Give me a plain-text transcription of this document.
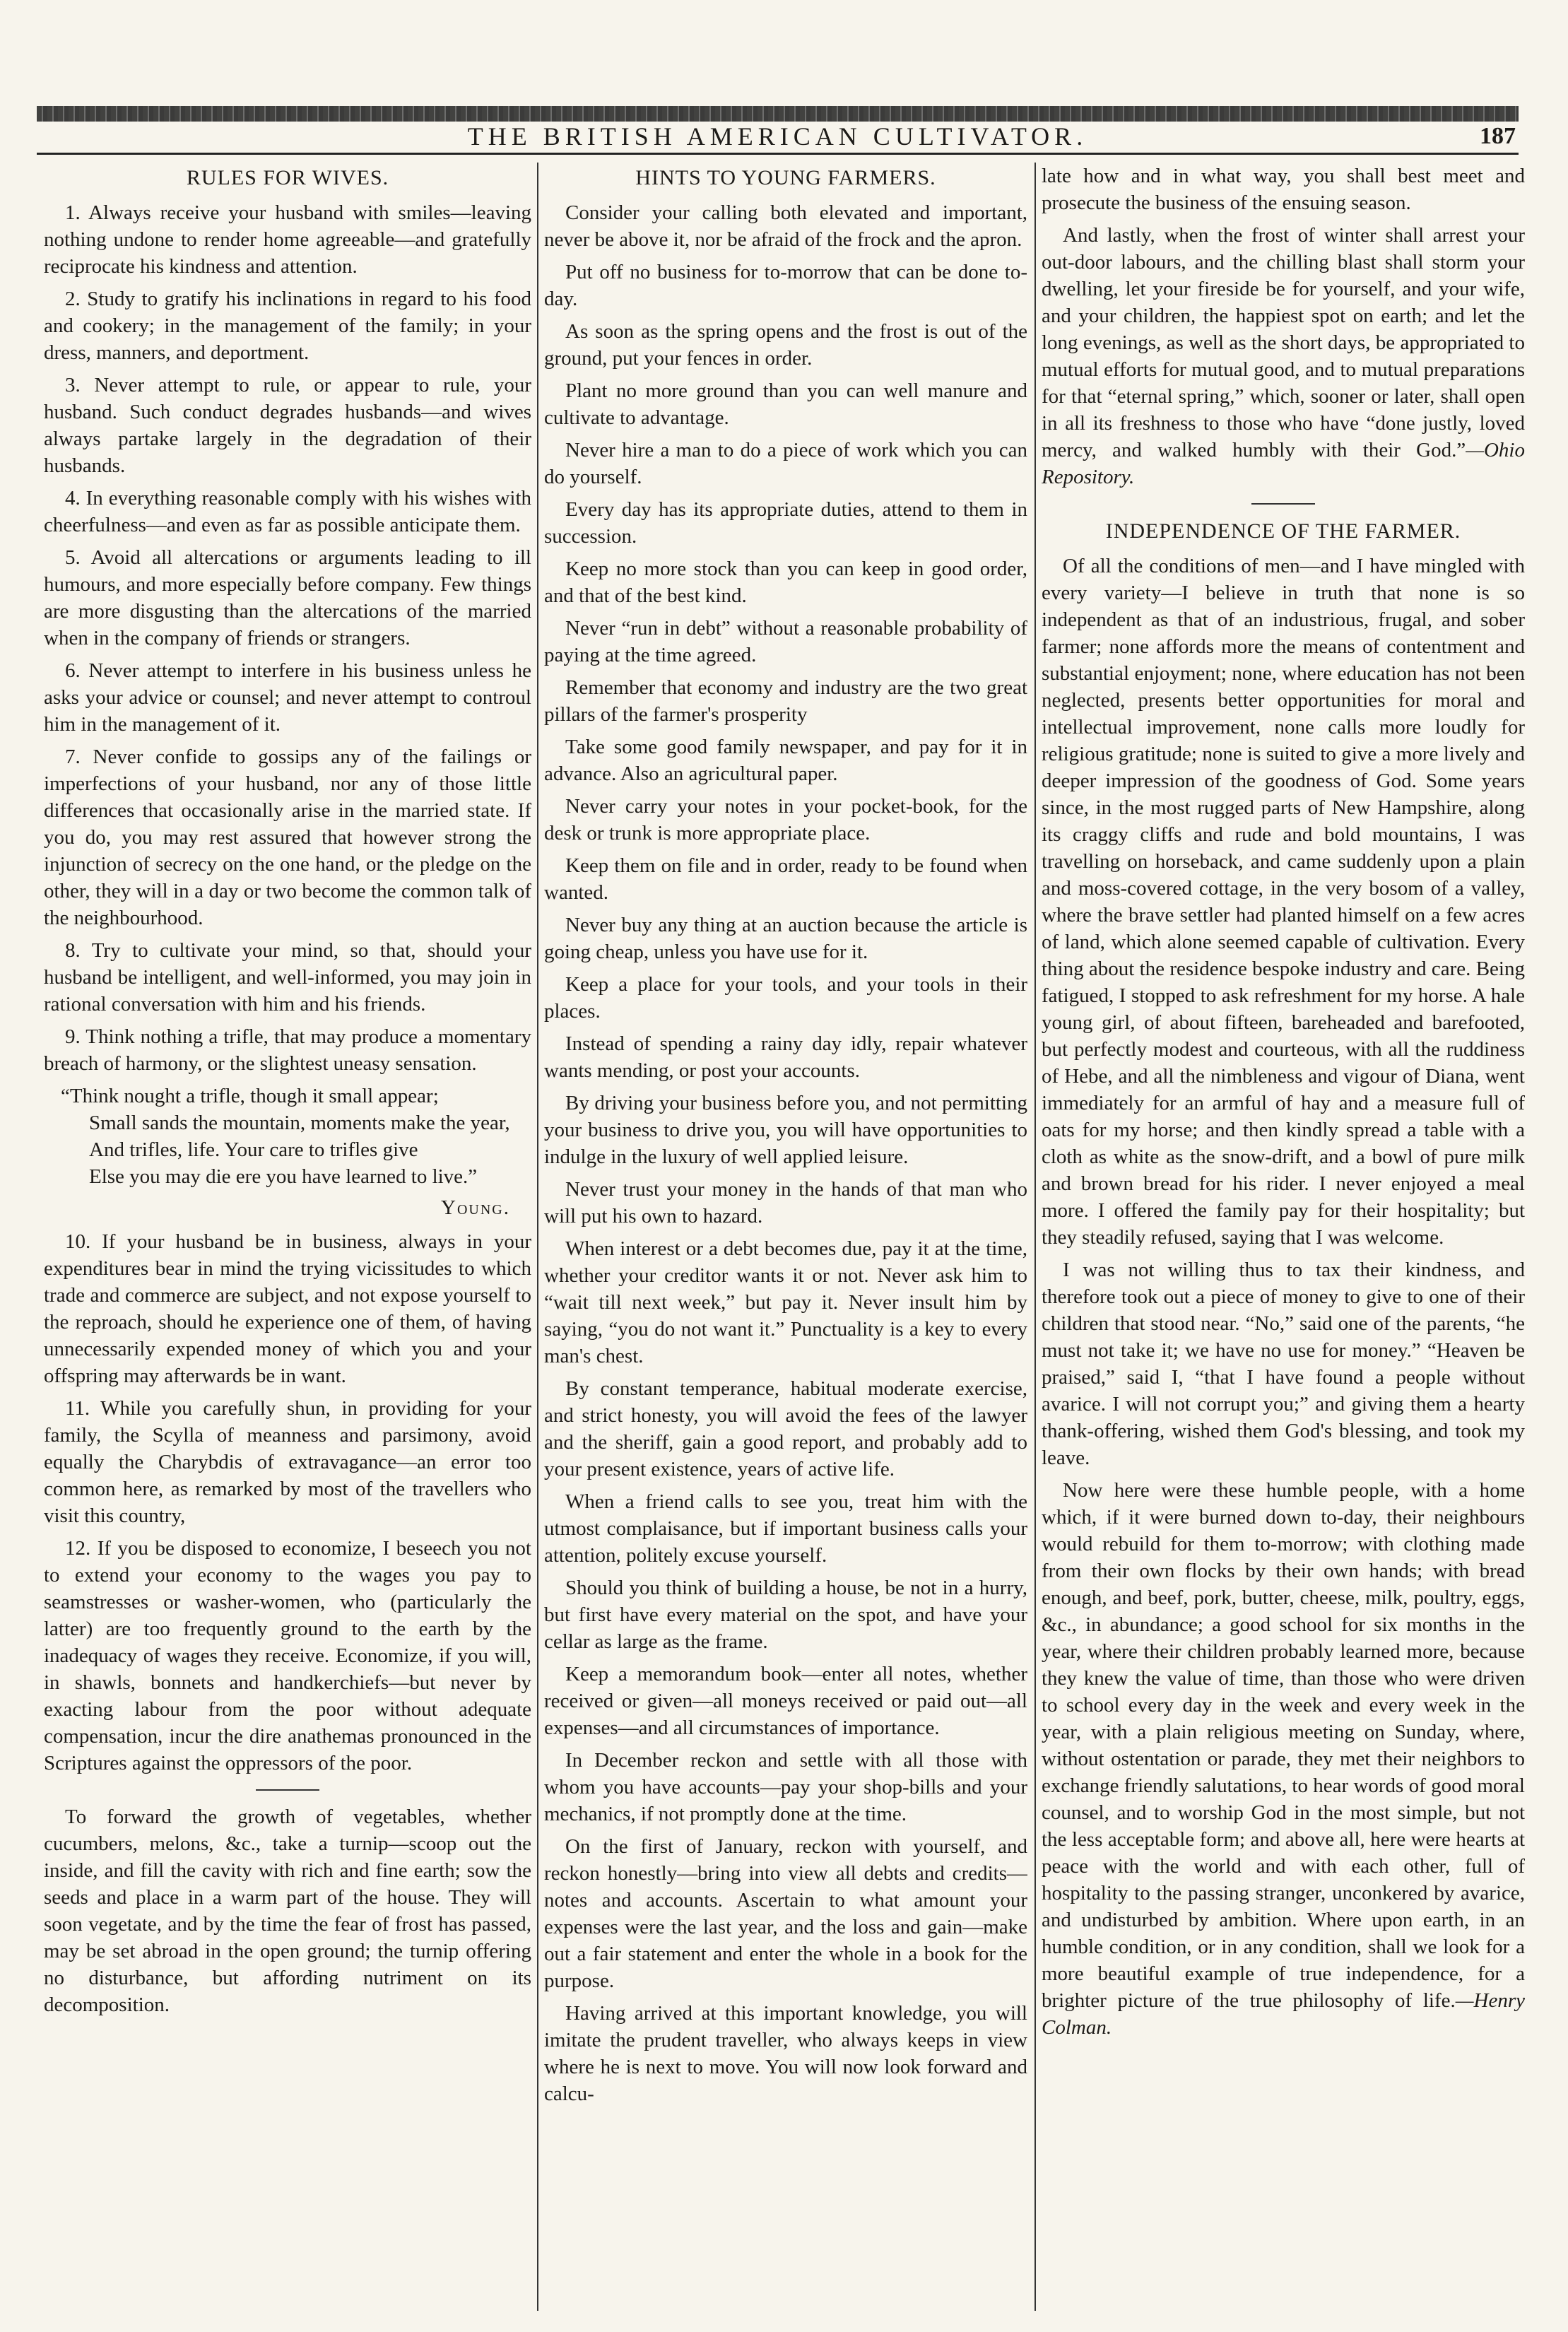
THE BRITISH AMERICAN CULTIVATOR.	187
RULES FOR WIVES.

1. Always receive your husband with smiles—leaving nothing undone to render home agreeable—and gratefully reciprocate his kindness and attention.

2. Study to gratify his inclinations in regard to his food and cookery; in the management of the family; in your dress, manners, and deportment.

3. Never attempt to rule, or appear to rule, your husband. Such conduct degrades husbands—and wives always partake largely in the degradation of their husbands.

4. In everything reasonable comply with his wishes with cheerfulness—and even as far as possible anticipate them.

5. Avoid all altercations or arguments leading to ill humours, and more especially before company. Few things are more disgusting than the altercations of the married when in the company of friends or strangers.

6. Never attempt to interfere in his business unless he asks your advice or counsel; and never attempt to controul him in the management of it.

7. Never confide to gossips any of the failings or imperfections of your husband, nor any of those little differences that occasionally arise in the married state. If you do, you may rest assured that however strong the injunction of secrecy on the one hand, or the pledge on the other, they will in a day or two become the common talk of the neighbourhood.

8. Try to cultivate your mind, so that, should your husband be intelligent, and well-informed, you may join in rational conversation with him and his friends.

9. Think nothing a trifle, that may produce a momentary breach of harmony, or the slightest uneasy sensation.

“Think nought a trifle, though it small appear;
Small sands the mountain, moments make the year,
And trifles, life. Your care to trifles give
Else you may die ere you have learned to live.”
Young.

10. If your husband be in business, always in your expenditures bear in mind the trying vicissitudes to which trade and commerce are subject, and not expose yourself to the reproach, should he experience one of them, of having unnecessarily expended money of which you and your offspring may afterwards be in want.

11. While you carefully shun, in providing for your family, the Scylla of meanness and parsimony, avoid equally the Charybdis of extravagance—an error too common here, as remarked by most of the travellers who visit this country,

12. If you be disposed to economize, I beseech you not to extend your economy to the wages you pay to seamstresses or washer-women, who (particularly the latter) are too frequently ground to the earth by the inadequacy of wages they receive. Economize, if you will, in shawls, bonnets and handkerchiefs—but never by exacting labour from the poor without adequate compensation, incur the dire anathemas pronounced in the Scriptures against the oppressors of the poor.

To forward the growth of vegetables, whether cucumbers, melons, &c., take a turnip—scoop out the inside, and fill the cavity with rich and fine earth; sow the seeds and place in a warm part of the house. They will soon vegetate, and by the time the fear of frost has passed, may be set abroad in the open ground; the turnip offering no disturbance, but affording nutriment on its decomposition.

HINTS TO YOUNG FARMERS.

Consider your calling both elevated and important, never be above it, nor be afraid of the frock and the apron.

Put off no business for to-morrow that can be done to-day.

As soon as the spring opens and the frost is out of the ground, put your fences in order.

Plant no more ground than you can well manure and cultivate to advantage.

Never hire a man to do a piece of work which you can do yourself.

Every day has its appropriate duties, attend to them in succession.

Keep no more stock than you can keep in good order, and that of the best kind.

Never “run in debt” without a reasonable probability of paying at the time agreed.

Remember that economy and industry are the two great pillars of the farmer's prosperity

Take some good family newspaper, and pay for it in advance. Also an agricultural paper.

Never carry your notes in your pocket-book, for the desk or trunk is more appropriate place.

Keep them on file and in order, ready to be found when wanted.

Never buy any thing at an auction because the article is going cheap, unless you have use for it.

Keep a place for your tools, and your tools in their places.

Instead of spending a rainy day idly, repair whatever wants mending, or post your accounts.

By driving your business before you, and not permitting your business to drive you, you will have opportunities to indulge in the luxury of well applied leisure.

Never trust your money in the hands of that man who will put his own to hazard.

When interest or a debt becomes due, pay it at the time, whether your creditor wants it or not. Never ask him to “wait till next week,” but pay it. Never insult him by saying, “you do not want it.” Punctuality is a key to every man's chest.

By constant temperance, habitual moderate exercise, and strict honesty, you will avoid the fees of the lawyer and the sheriff, gain a good report, and probably add to your present existence, years of active life.

When a friend calls to see you, treat him with the utmost complaisance, but if important business calls your attention, politely excuse yourself.

Should you think of building a house, be not in a hurry, but first have every material on the spot, and have your cellar as large as the frame.

Keep a memorandum book—enter all notes, whether received or given—all moneys received or paid out—all expenses—and all circumstances of importance.

In December reckon and settle with all those with whom you have accounts—pay your shop-bills and your mechanics, if not promptly done at the time.

On the first of January, reckon with yourself, and reckon honestly—bring into view all debts and credits—notes and accounts. Ascertain to what amount your expenses were the last year, and the loss and gain—make out a fair statement and enter the whole in a book for the purpose.

Having arrived at this important knowledge, you will imitate the prudent traveller, who always keeps in view where he is next to move. You will now look forward and calcu-

late how and in what way, you shall best meet and prosecute the business of the ensuing season.

And lastly, when the frost of winter shall arrest your out-door labours, and the chilling blast shall storm your dwelling, let your fireside be for yourself, and your wife, and your children, the happiest spot on earth; and let the long evenings, as well as the short days, be appropriated to mutual efforts for mutual good, and to mutual preparations for that “eternal spring,” which, sooner or later, shall open in all its freshness to those who have “done justly, loved mercy, and walked humbly with their God.”—Ohio Repository.

INDEPENDENCE OF THE FARMER.

Of all the conditions of men—and I have mingled with every variety—I believe in truth that none is so independent as that of an industrious, frugal, and sober farmer; none affords more the means of contentment and substantial enjoyment; none, where education has not been neglected, presents better opportunities for moral and intellectual improvement, none calls more loudly for religious gratitude; none is suited to give a more lively and deeper impression of the goodness of God. Some years since, in the most rugged parts of New Hampshire, along its craggy cliffs and rude and bold mountains, I was travelling on horseback, and came suddenly upon a plain and moss-covered cottage, in the very bosom of a valley, where the brave settler had planted himself on a few acres of land, which alone seemed capable of cultivation. Every thing about the residence bespoke industry and care. Being fatigued, I stopped to ask refreshment for my horse. A hale young girl, of about fifteen, bareheaded and barefooted, but perfectly modest and courteous, with all the ruddiness of Hebe, and all the nimbleness and vigour of Diana, went immediately for an armful of hay and a measure full of oats for my horse; and then kindly spread a table with a cloth as white as the snow-drift, and a bowl of pure milk and brown bread for his rider. I never enjoyed a meal more. I offered the family pay for their hospitality; but they steadily refused, saying that I was welcome.

I was not willing thus to tax their kindness, and therefore took out a piece of money to give to one of their children that stood near. “No,” said one of the parents, “he must not take it; we have no use for money.” “Heaven be praised,” said I, “that I have found a people without avarice. I will not corrupt you;” and giving them a hearty thank-offering, wished them God's blessing, and took my leave.

Now here were these humble people, with a home which, if it were burned down to-day, their neighbours would rebuild for them to-morrow; with clothing made from their own flocks by their own hands; with bread enough, and beef, pork, butter, cheese, milk, poultry, eggs, &c., in abundance; a good school for six months in the year, where their children probably learned more, because they knew the value of time, than those who were driven to school every day in the week and every week in the year, with a plain religious meeting on Sunday, where, without ostentation or parade, they met their neighbors to exchange friendly salutations, to hear words of good moral counsel, and to worship God in the most simple, but not the less acceptable form; and above all, here were hearts at peace with the world and with each other, full of hospitality to the passing stranger, unconkered by avarice, and undisturbed by ambition. Where upon earth, in an humble condition, or in any condition, shall we look for a more beautiful example of true independence, for a brighter picture of the true philosophy of life.—Henry Colman.
